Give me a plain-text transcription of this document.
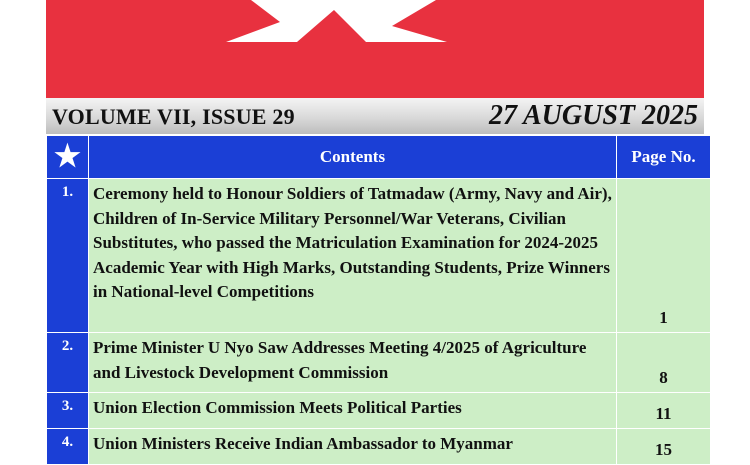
VOLUME VII, ISSUE 29	27 AUGUST 2025
★	Contents	Page No.
1.	Ceremony held to Honour Soldiers of Tatmadaw (Army, Navy and Air), Children of In-Service Military Personnel/War Veterans, Civilian Substitutes, who passed the Matriculation Examination for 2024-2025 Academic Year with High Marks, Outstanding Students, Prize Winners in National-level Competitions	1
2.	Prime Minister U Nyo Saw Addresses Meeting 4/2025 of Agriculture and Livestock Development Commission	8
3.	Union Election Commission Meets Political Parties	11
4.	Union Ministers Receive Indian Ambassador to Myanmar	15
